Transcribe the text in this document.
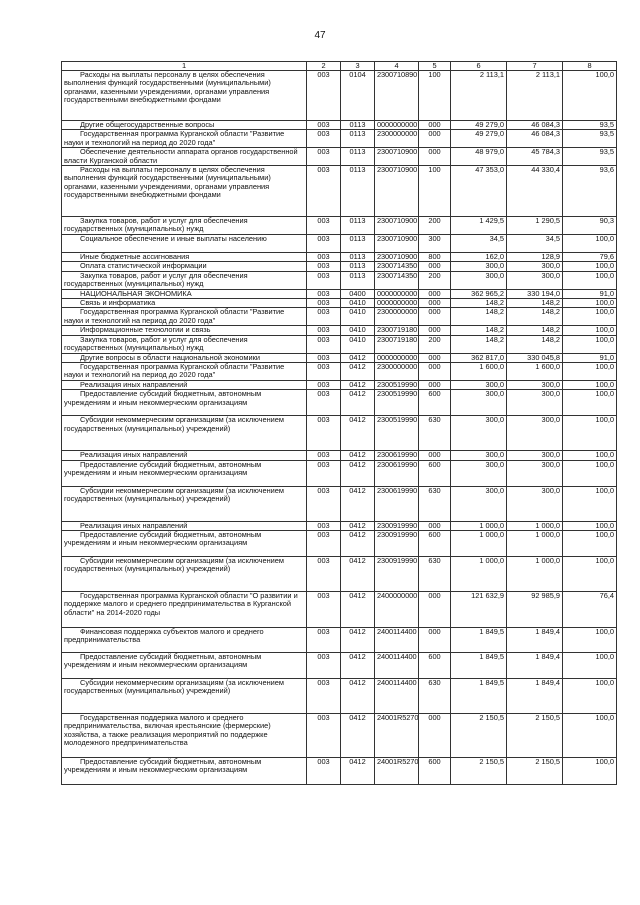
47
1	2	3	4	5	6	7	8
Расходы на выплаты персоналу в целях обеспечения выполнения функций государственными (муниципальными) органами, казенными учреждениями, органами управления государственными внебюджетными фондами	003	0104	2300710890	100	2 113,1	2 113,1	100,0
Другие общегосударственные вопросы	003	0113	0000000000	000	49 279,0	46 084,3	93,5
Государственная программа Курганской области "Развитие науки и технологий на период до 2020 года"	003	0113	2300000000	000	49 279,0	46 084,3	93,5
Обеспечение деятельности аппарата органов государственной власти Курганской области	003	0113	2300710900	000	48 979,0	45 784,3	93,5
Расходы на выплаты персоналу в целях обеспечения выполнения функций государственными (муниципальными) органами, казенными учреждениями, органами управления государственными внебюджетными фондами	003	0113	2300710900	100	47 353,0	44 330,4	93,6
Закупка товаров, работ и услуг для обеспечения государственных (муниципальных) нужд	003	0113	2300710900	200	1 429,5	1 290,5	90,3
Социальное обеспечение и иные выплаты населению	003	0113	2300710900	300	34,5	34,5	100,0
Иные бюджетные ассигнования	003	0113	2300710900	800	162,0	128,9	79,6
Оплата статистической информации	003	0113	2300714350	000	300,0	300,0	100,0
Закупка товаров, работ и услуг для обеспечения государственных (муниципальных) нужд	003	0113	2300714350	200	300,0	300,0	100,0
НАЦИОНАЛЬНАЯ ЭКОНОМИКА	003	0400	0000000000	000	362 965,2	330 194,0	91,0
Связь и информатика	003	0410	0000000000	000	148,2	148,2	100,0
Государственная программа Курганской области "Развитие науки и технологий на период до 2020 года"	003	0410	2300000000	000	148,2	148,2	100,0
Информационные технологии и связь	003	0410	2300719180	000	148,2	148,2	100,0
Закупка товаров, работ и услуг для обеспечения государственных (муниципальных) нужд	003	0410	2300719180	200	148,2	148,2	100,0
Другие вопросы в области национальной экономики	003	0412	0000000000	000	362 817,0	330 045,8	91,0
Государственная программа Курганской области "Развитие науки и технологий на период до 2020 года"	003	0412	2300000000	000	1 600,0	1 600,0	100,0
Реализация иных направлений	003	0412	2300519990	000	300,0	300,0	100,0
Предоставление субсидий бюджетным, автономным учреждениям и иным некоммерческим организациям	003	0412	2300519990	600	300,0	300,0	100,0
Субсидии некоммерческим организациям (за исключением государственных (муниципальных) учреждений)	003	0412	2300519990	630	300,0	300,0	100,0
Реализация иных направлений	003	0412	2300619990	000	300,0	300,0	100,0
Предоставление субсидий бюджетным, автономным учреждениям и иным некоммерческим организациям	003	0412	2300619990	600	300,0	300,0	100,0
Субсидии некоммерческим организациям (за исключением государственных (муниципальных) учреждений)	003	0412	2300619990	630	300,0	300,0	100,0
Реализация иных направлений	003	0412	2300919990	000	1 000,0	1 000,0	100,0
Предоставление субсидий бюджетным, автономным учреждениям и иным некоммерческим организациям	003	0412	2300919990	600	1 000,0	1 000,0	100,0
Субсидии некоммерческим организациям (за исключением государственных (муниципальных) учреждений)	003	0412	2300919990	630	1 000,0	1 000,0	100,0
Государственная программа Курганской области "О развитии и поддержке малого и среднего предпринимательства в Курганской области" на 2014-2020 годы	003	0412	2400000000	000	121 632,9	92 985,9	76,4
Финансовая поддержка субъектов малого и среднего предпринимательства	003	0412	2400114400	000	1 849,5	1 849,4	100,0
Предоставление субсидий бюджетным, автономным учреждениям и иным некоммерческим организациям	003	0412	2400114400	600	1 849,5	1 849,4	100,0
Субсидии некоммерческим организациям (за исключением государственных (муниципальных) учреждений)	003	0412	2400114400	630	1 849,5	1 849,4	100,0
Государственная поддержка малого и среднего предпринимательства, включая крестьянские (фермерские) хозяйства, а также реализация мероприятий по поддержке молодежного предпринимательства	003	0412	24001R5270	000	2 150,5	2 150,5	100,0
Предоставление субсидий бюджетным, автономным учреждениям и иным некоммерческим организациям	003	0412	24001R5270	600	2 150,5	2 150,5	100,0
